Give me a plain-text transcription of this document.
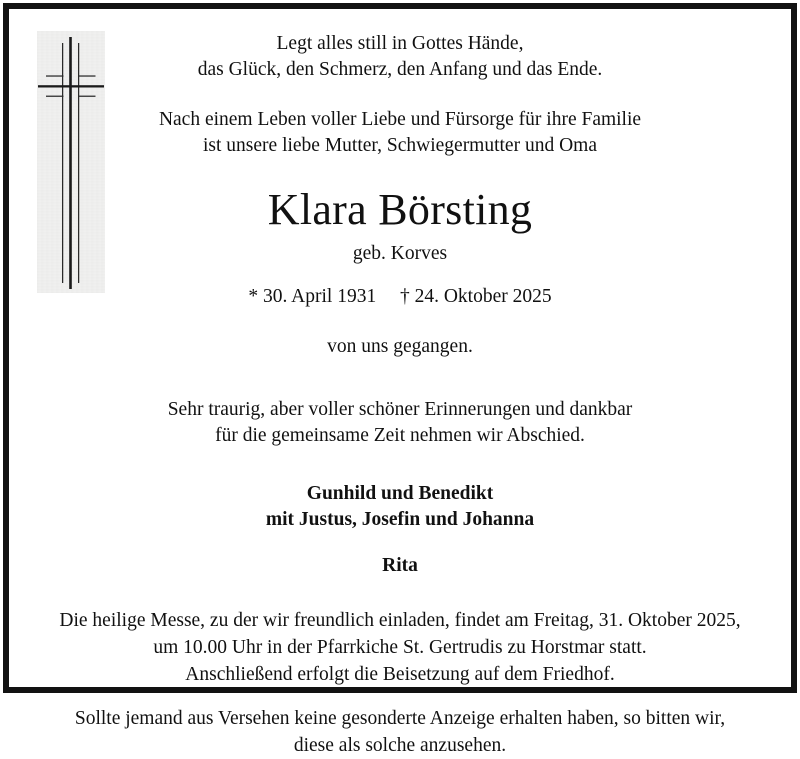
Legt alles still in Gottes Hände,
das Glück, den Schmerz, den Anfang und das Ende.
Nach einem Leben voller Liebe und Fürsorge für ihre Familie
ist unsere liebe Mutter, Schwiegermutter und Oma
Klara Börsting
geb. Korves
* 30. April 1931 † 24. Oktober 2025
von uns gegangen.
Sehr traurig, aber voller schöner Erinnerungen und dankbar
für die gemeinsame Zeit nehmen wir Abschied.
Gunhild und Benedikt
mit Justus, Josefin und Johanna
Rita
Die heilige Messe, zu der wir freundlich einladen, findet am Freitag, 31. Oktober 2025,
um 10.00 Uhr in der Pfarrkiche St. Gertrudis zu Horstmar statt.
Anschließend erfolgt die Beisetzung auf dem Friedhof.
Sollte jemand aus Versehen keine gesonderte Anzeige erhalten haben, so bitten wir,
diese als solche anzusehen.
